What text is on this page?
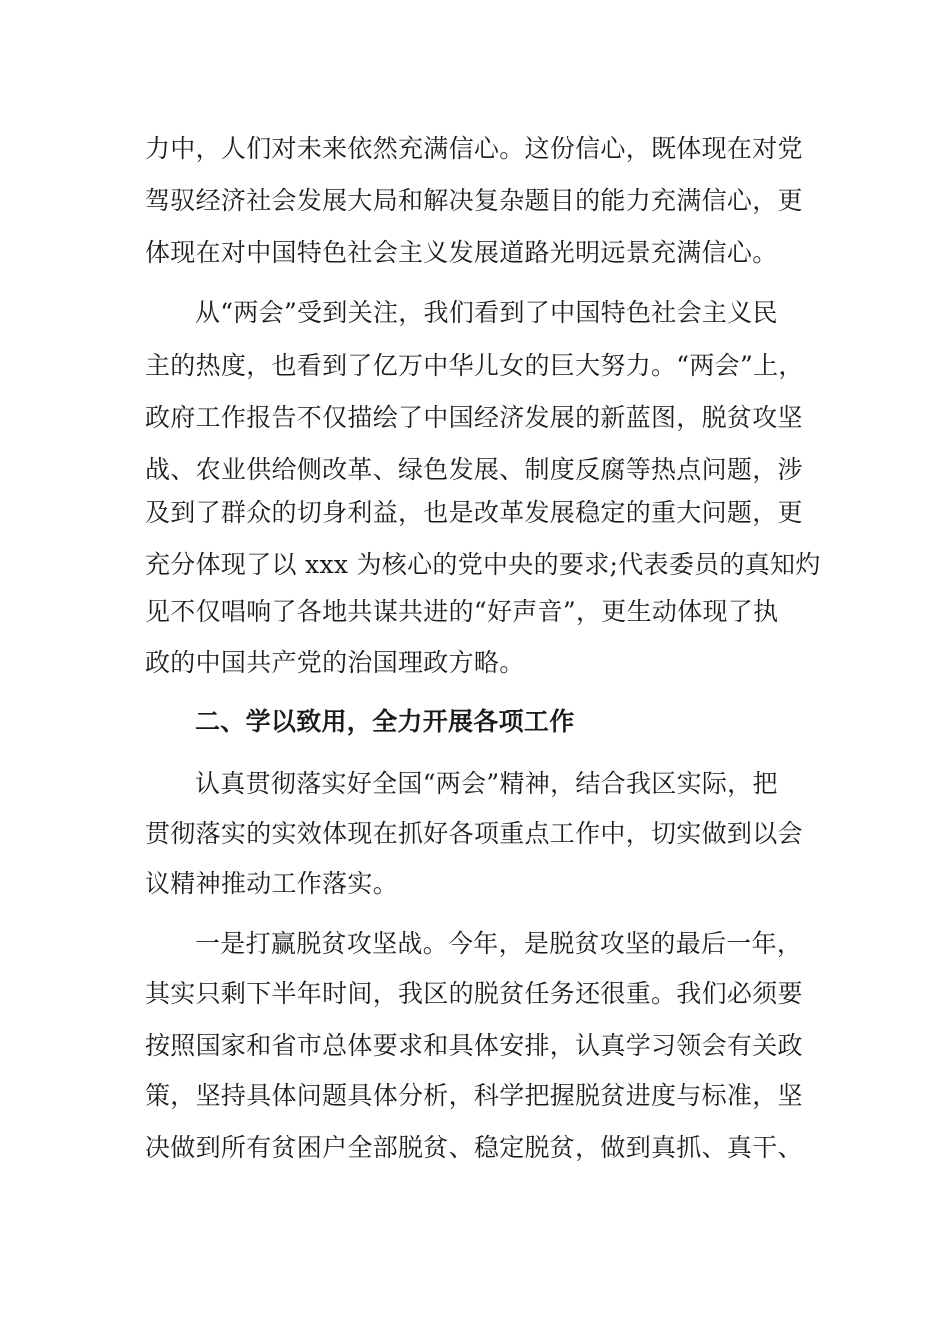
力中，人们对未来依然充满信心。这份信心，既体现在对党
驾驭经济社会发展大局和解决复杂题目的能力充满信心，更
体现在对中国特色社会主义发展道路光明远景充满信心。
从“两会”受到关注，我们看到了中国特色社会主义民
主的热度，也看到了亿万中华儿女的巨大努力。“两会”上，
政府工作报告不仅描绘了中国经济发展的新蓝图，脱贫攻坚
战、农业供给侧改革、绿色发展、制度反腐等热点问题，涉
及到了群众的切身利益，也是改革发展稳定的重大问题，更
充分体现了以 xxx 为核心的党中央的要求;代表委员的真知灼
见不仅唱响了各地共谋共进的“好声音”，更生动体现了执
政的中国共产党的治国理政方略。
二、学以致用，全力开展各项工作
认真贯彻落实好全国“两会”精神，结合我区实际，把
贯彻落实的实效体现在抓好各项重点工作中，切实做到以会
议精神推动工作落实。
一是打赢脱贫攻坚战。今年，是脱贫攻坚的最后一年，
其实只剩下半年时间，我区的脱贫任务还很重。我们必须要
按照国家和省市总体要求和具体安排，认真学习领会有关政
策，坚持具体问题具体分析，科学把握脱贫进度与标准，坚
决做到所有贫困户全部脱贫、稳定脱贫，做到真抓、真干、
